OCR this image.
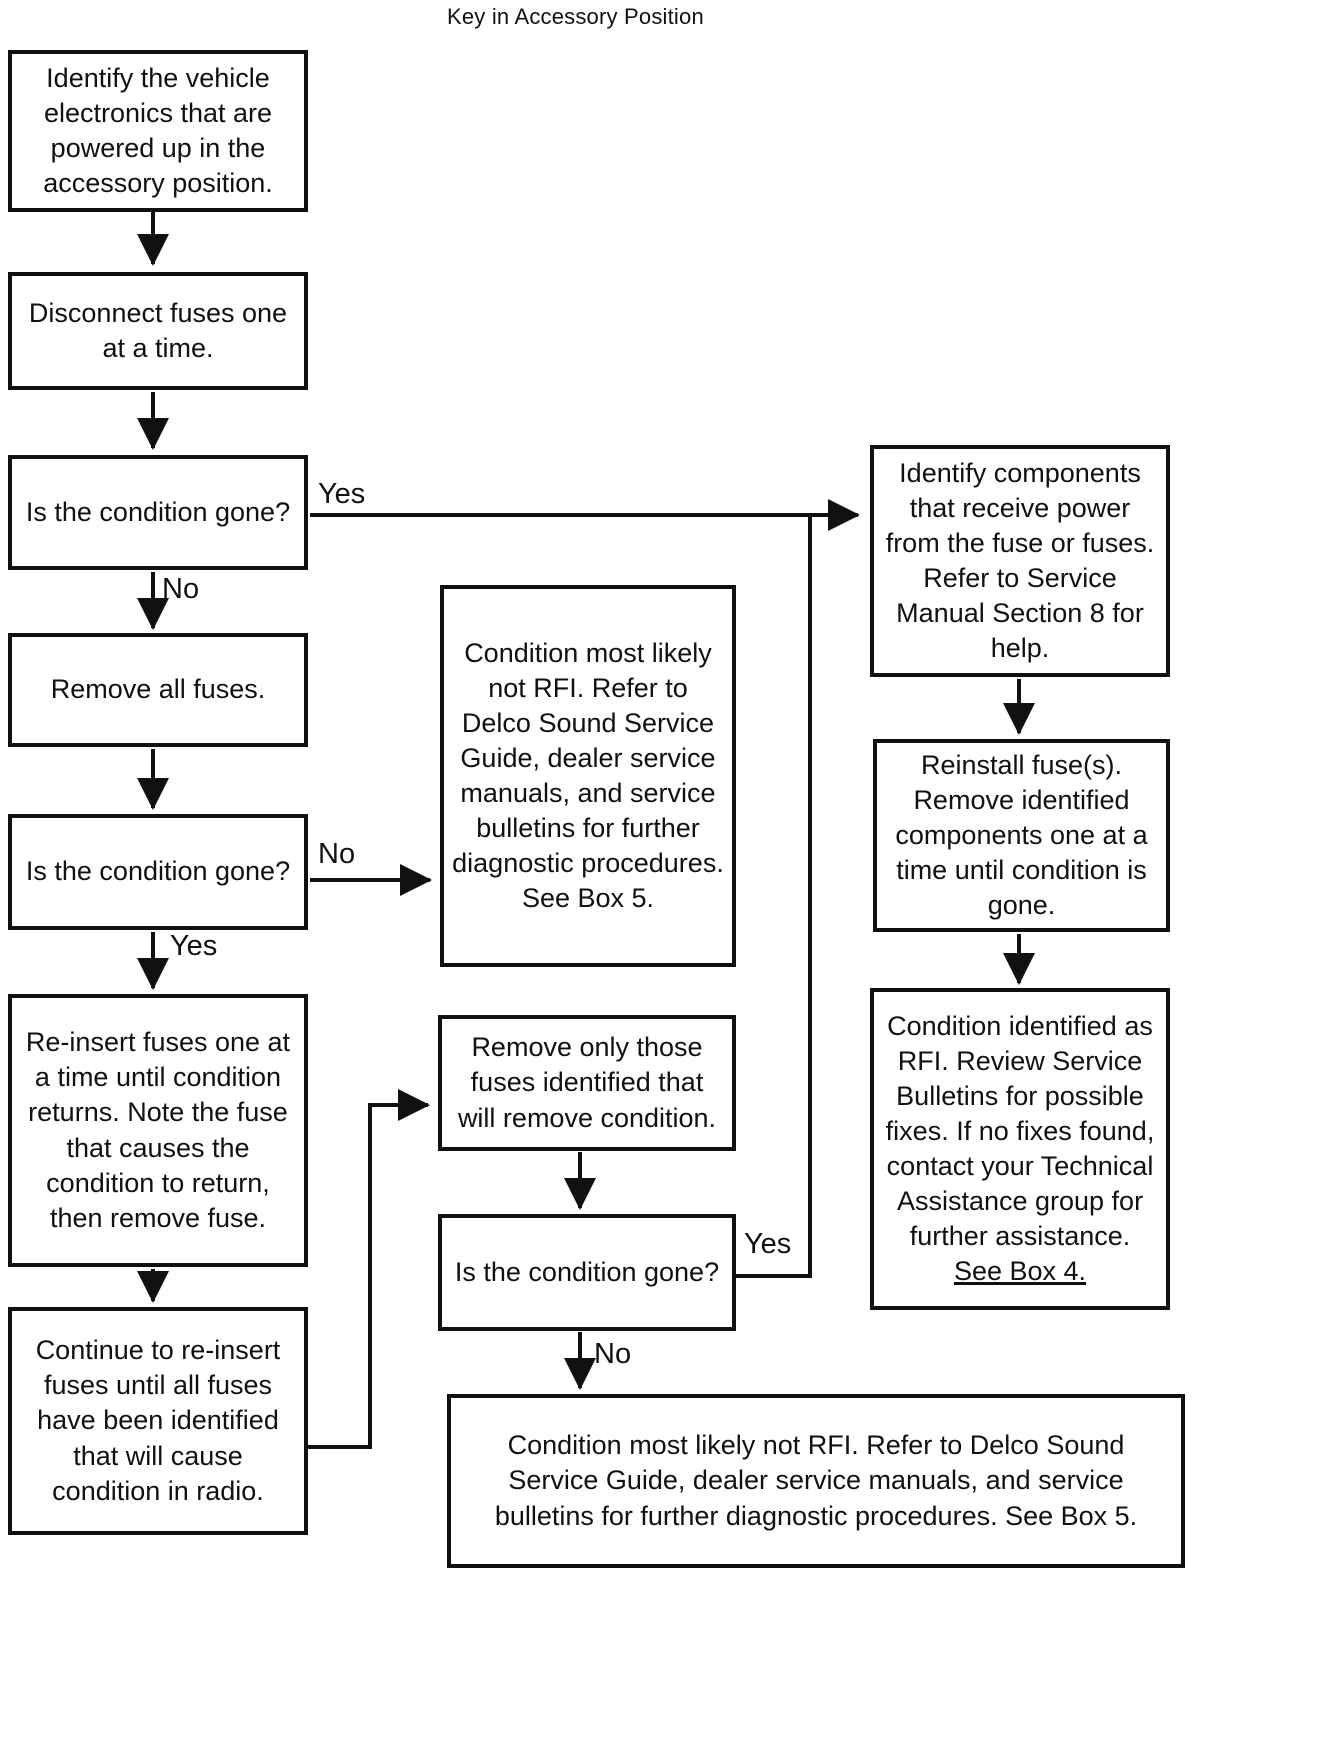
Key in Accessory Position
Identify the vehicle electronics that are powered up in the accessory position.
Disconnect fuses one at a time.
Is the condition gone?
Remove all fuses.
Is the condition gone?
Re-insert fuses one at a time until condition returns. Note the fuse that causes the condition to return, then remove fuse.
Continue to re-insert fuses until all fuses have been identified that will cause condition in radio.
Condition most likely not RFI. Refer to Delco Sound Service Guide, dealer service manuals, and service bulletins for further diagnostic procedures. See Box 5.
Remove only those fuses identified that will remove condition.
Is the condition gone?
Condition most likely not RFI. Refer to Delco Sound Service Guide, dealer service manuals, and service bulletins for further diagnostic procedures. See Box 5.
Identify components that receive power from the fuse or fuses. Refer to Service Manual Section 8 for help.
Reinstall fuse(s). Remove identified components one at a time until condition is gone.
Condition identified as RFI. Review Service Bulletins for possible fixes. If no fixes found, contact your Technical Assistance group for further assistance.
See Box 4.
Yes
No
No
Yes
Yes
No
